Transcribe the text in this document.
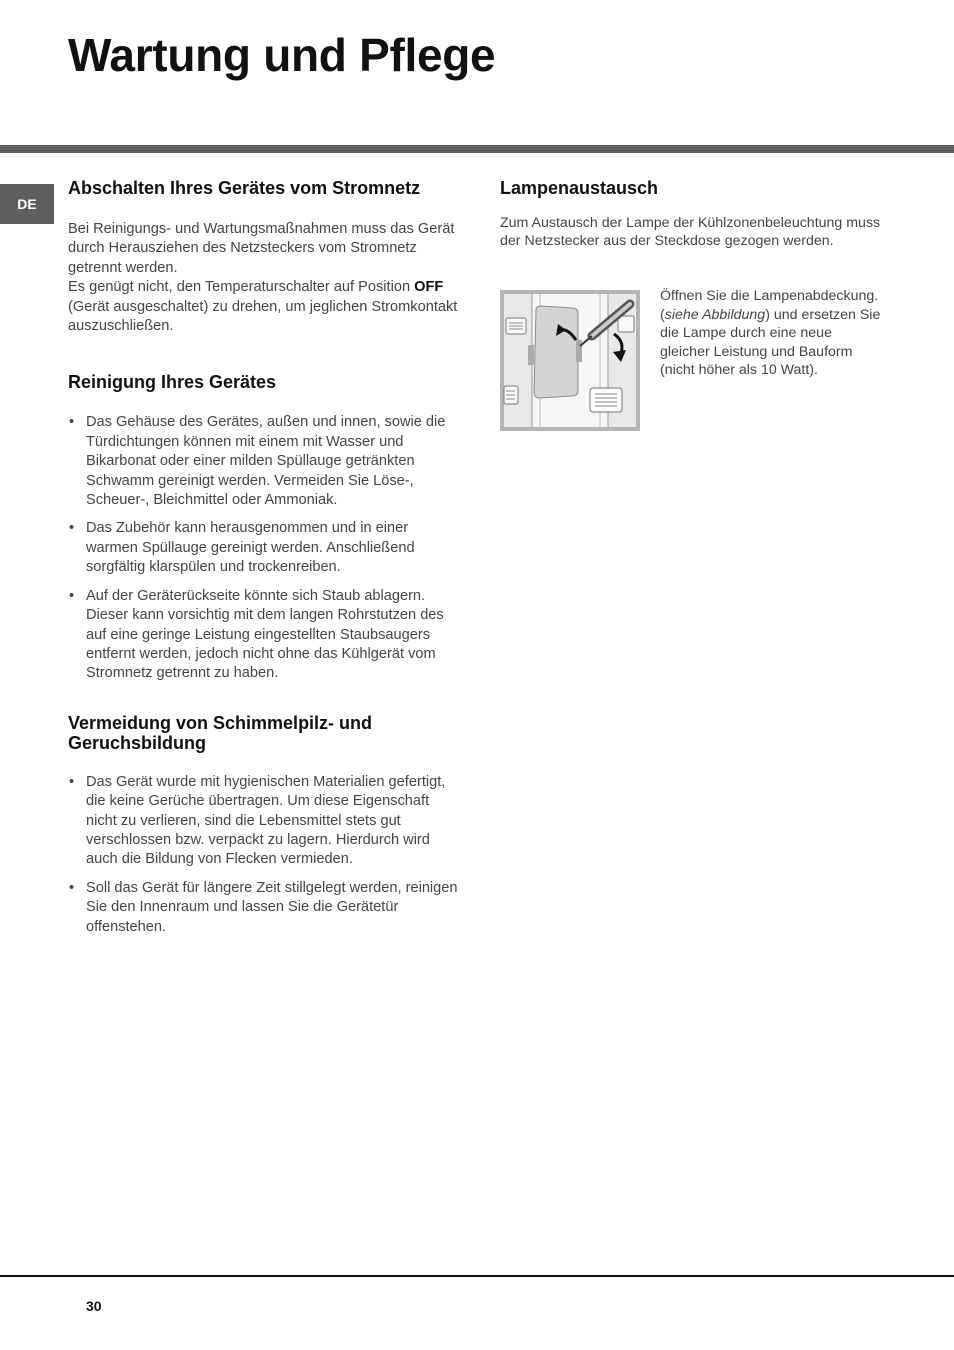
Wartung und Pflege
DE
Abschalten Ihres Gerätes vom Stromnetz

Bei Reinigungs- und Wartungsmaßnahmen muss das Gerät durch Herausziehen des Netzsteckers vom Stromnetz getrennt werden.
Es genügt nicht, den Temperaturschalter auf Position OFF (Gerät ausgeschaltet) zu drehen, um jeglichen Stromkontakt auszuschließen.

Reinigung Ihres Gerätes
• Das Gehäuse des Gerätes, außen und innen, sowie die Türdichtungen können mit einem mit Wasser und Bikarbonat oder einer milden Spüllauge getränkten Schwamm gereinigt werden. Vermeiden Sie Löse-, Scheuer-, Bleichmittel oder Ammoniak.
• Das Zubehör kann herausgenommen und in einer warmen Spüllauge gereinigt werden. Anschließend sorgfältig klarspülen und trockenreiben.
• Auf der Geräterückseite könnte sich Staub ablagern. Dieser kann vorsichtig mit dem langen Rohrstutzen des auf eine geringe Leistung eingestellten Staubsaugers entfernt werden, jedoch nicht ohne das Kühlgerät vom Stromnetz getrennt zu haben.
Vermeidung von Schimmelpilz- und Geruchsbildung
• Das Gerät wurde mit hygienischen Materialien gefertigt, die keine Gerüche übertragen. Um diese Eigenschaft nicht zu verlieren, sind die Lebensmittel stets gut verschlossen bzw. verpackt zu lagern. Hierdurch wird auch die Bildung von Flecken vermieden.
• Soll das Gerät für längere Zeit stillgelegt werden, reinigen Sie den Innenraum und lassen Sie die Gerätetür offenstehen.
Lampenaustausch

Zum Austausch der Lampe der Kühlzonenbeleuchtung muss der Netzstecker aus der Steckdose gezogen werden.

Öffnen Sie die Lampenabdeckung. (siehe Abbildung) und ersetzen Sie die Lampe durch eine neue gleicher Leistung und Bauform (nicht höher als 10 Watt).

30
